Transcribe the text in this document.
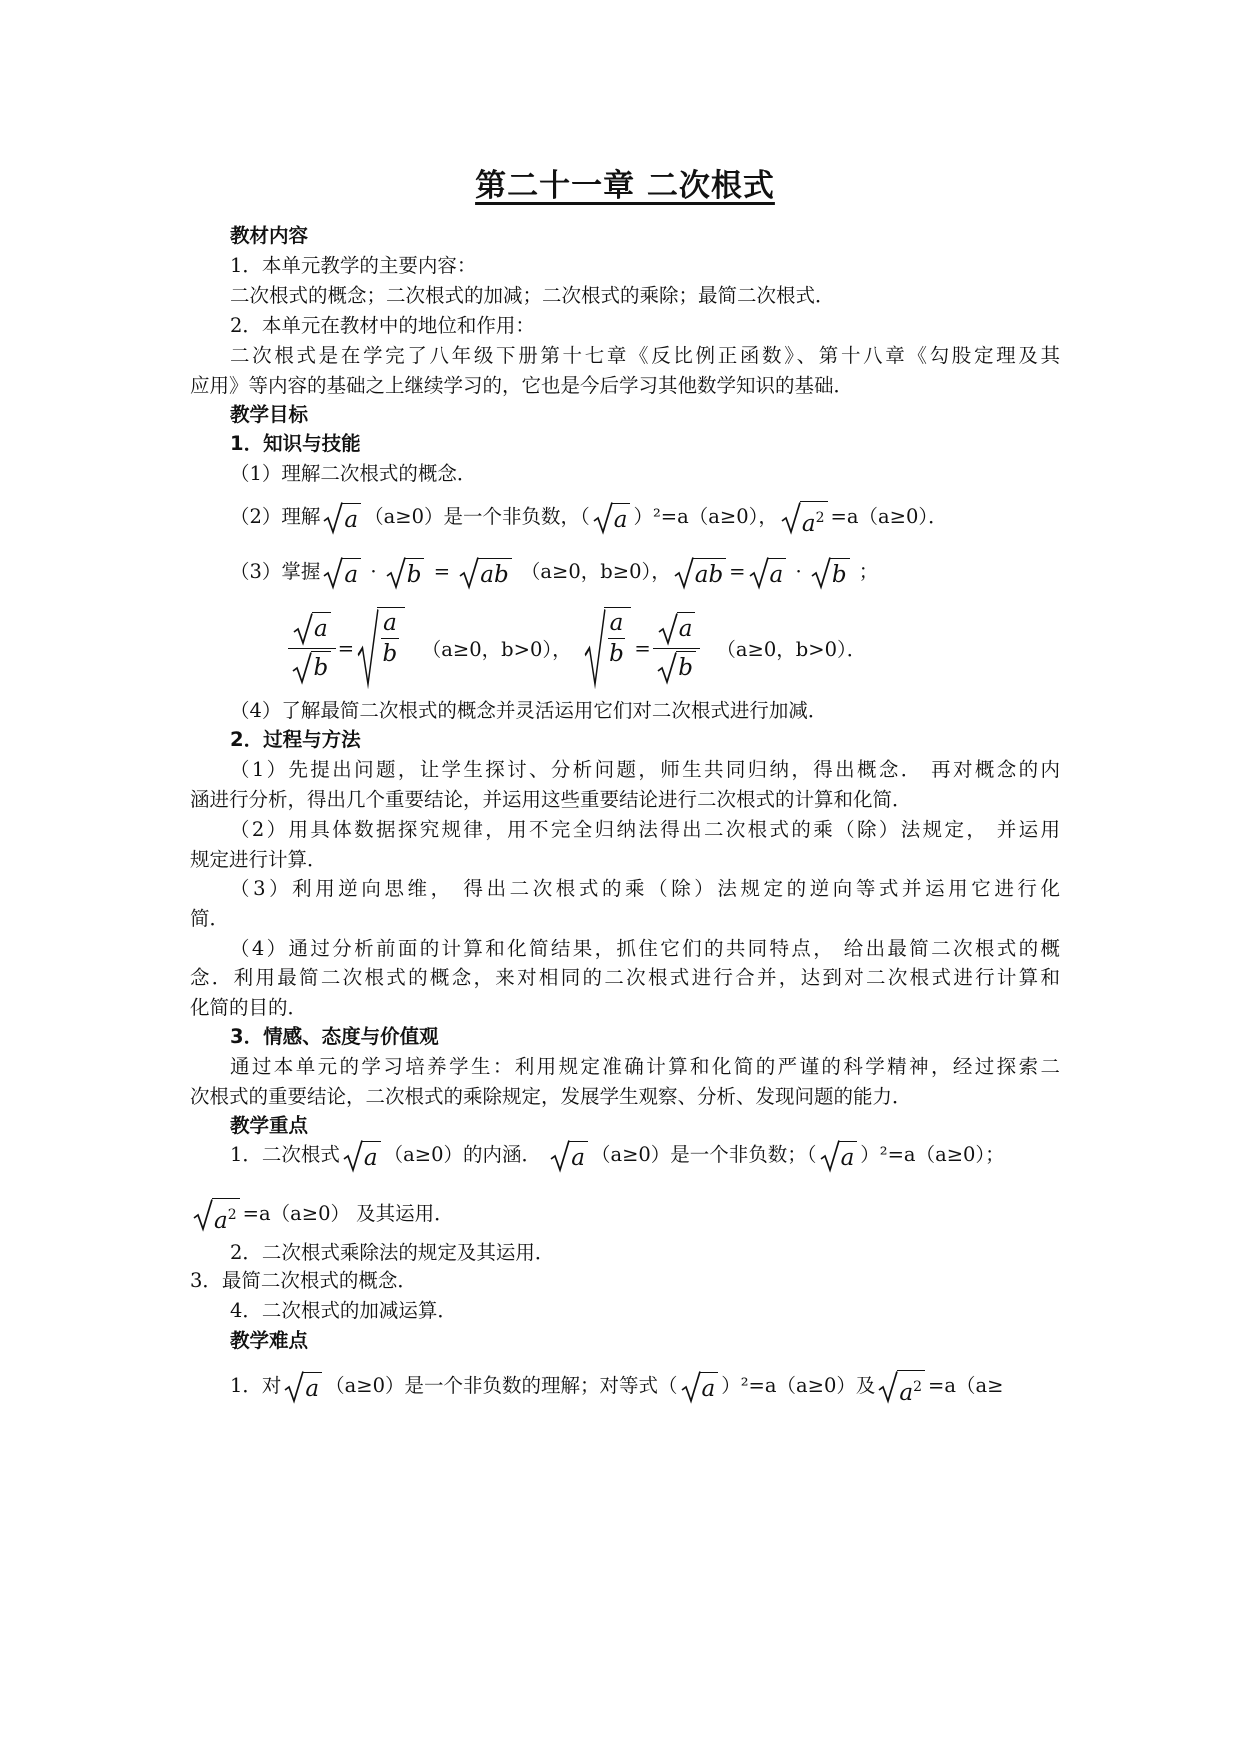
第二十一章 二次根式
教材内容
1．本单元教学的主要内容：
二次根式的概念；二次根式的加减；二次根式的乘除；最简二次根式．
2．本单元在教材中的地位和作用：
二次根式是在学完了八年级下册第十七章《反比例正函数》、第十八章《勾股定理及其
应用》等内容的基础之上继续学习的，它也是今后学习其他数学知识的基础．
教学目标
1．知识与技能
（1）理解二次根式的概念．
（2）理解 a （a≥0）是一个非负数，（ a ）²=a（a≥0）， $a^2 =a(a\ge 0)$．
（3）掌握 a · b = ab （a≥0，b≥0）， ab = a · b ；
$\frac{a}{b} = \frac{a}{b} (a\ge 0$，b>0）， $\frac{a}{b} = \frac{a}{b} (a\ge 0$，b>0）．
（4）了解最简二次根式的概念并灵活运用它们对二次根式进行加减．
2．过程与方法
（1）先提出问题，让学生探讨、分析问题，师生共同归纳，得出概念． 再对概念的内
涵进行分析，得出几个重要结论，并运用这些重要结论进行二次根式的计算和化简．
（2）用具体数据探究规律，用不完全归纳法得出二次根式的乘（除）法规定， 并运用
规定进行计算．
（3）利用逆向思维， 得出二次根式的乘（除）法规定的逆向等式并运用它进行化
简．
（4）通过分析前面的计算和化简结果，抓住它们的共同特点， 给出最简二次根式的概
念．利用最简二次根式的概念，来对相同的二次根式进行合并，达到对二次根式进行计算和
化简的目的．
3．情感、态度与价值观
通过本单元的学习培养学生：利用规定准确计算和化简的严谨的科学精神，经过探索二
次根式的重要结论，二次根式的乘除规定，发展学生观察、分析、发现问题的能力．
教学重点
1．二次根式 a （a≥0）的内涵． a （a≥0）是一个非负数；（ a ）²=a（a≥0）；
$a^2 =a(a\ge 0)$ 及其运用．
2．二次根式乘除法的规定及其运用．
3．最简二次根式的概念．
4．二次根式的加减运算．
教学难点
1．对 a （a≥0）是一个非负数的理解；对等式（ a ）²=a（a≥0）及 $a^2 =a(a\ge$
